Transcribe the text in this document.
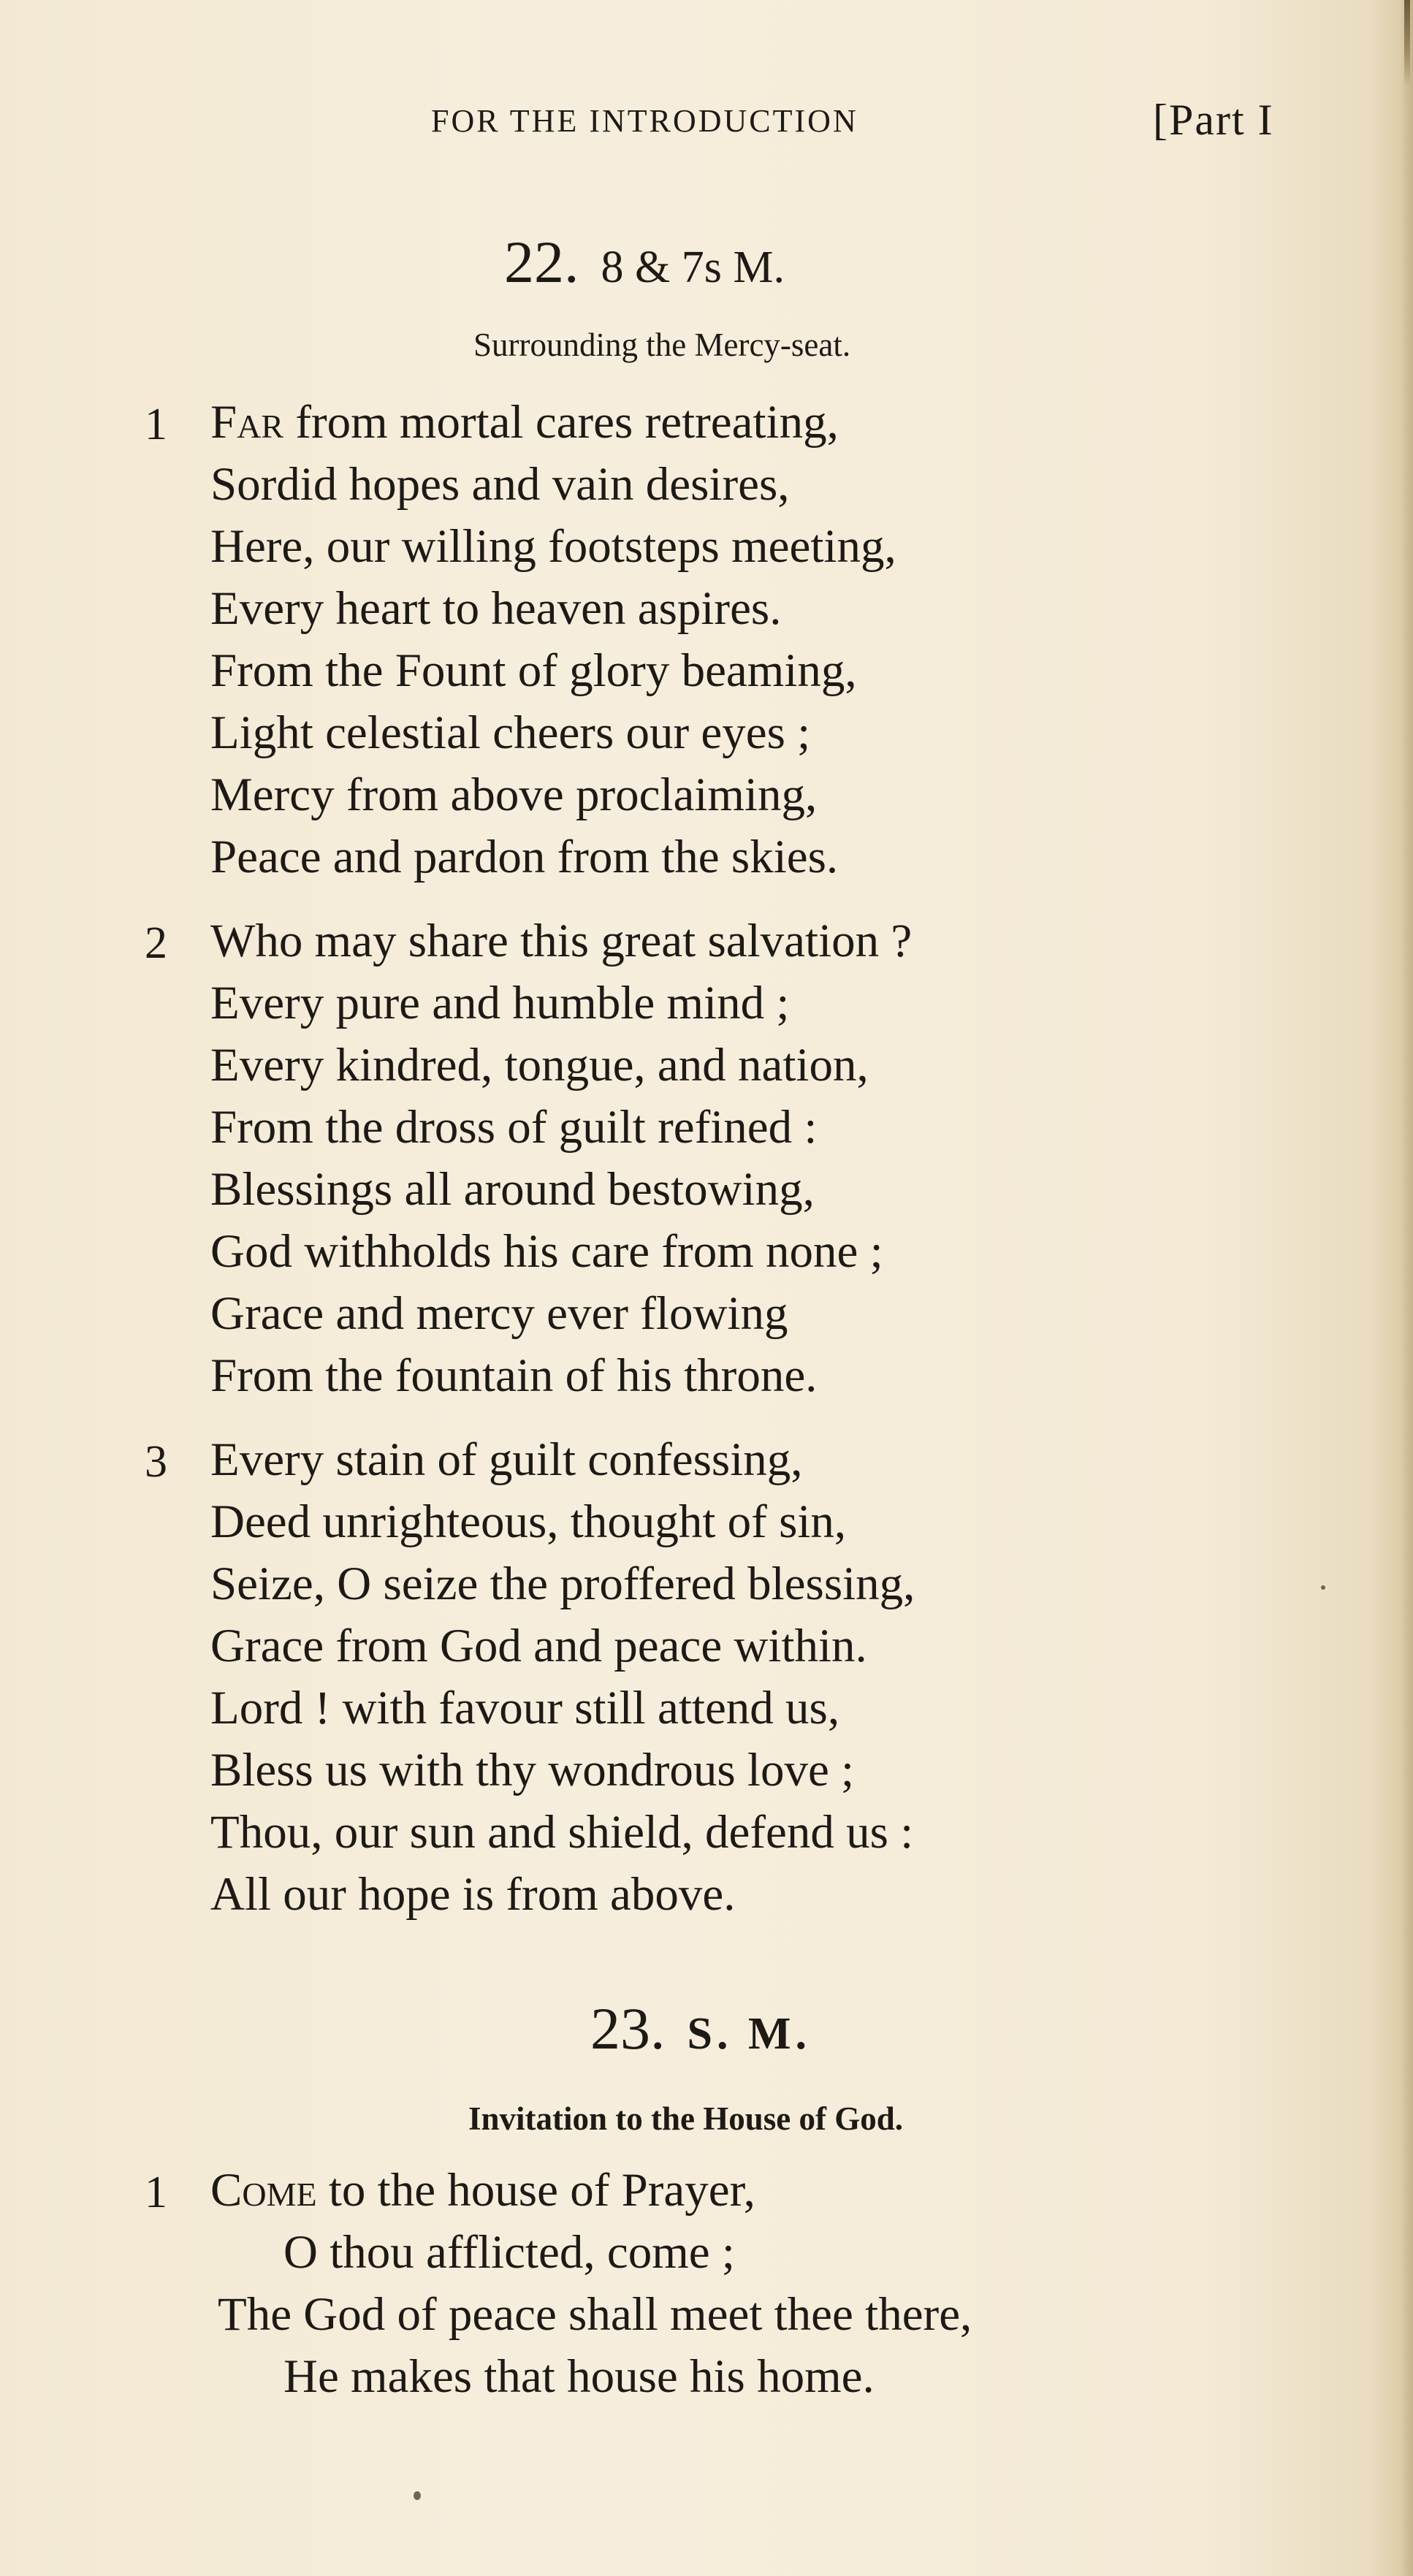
FOR THE INTRODUCTION	[Part I
22. 8 & 7s M.
Surrounding the Mercy-seat.
1 Far from mortal cares retreating,
Sordid hopes and vain desires,
Here, our willing footsteps meeting,
Every heart to heaven aspires.
From the Fount of glory beaming,
Light celestial cheers our eyes ;
Mercy from above proclaiming,
Peace and pardon from the skies.
2 Who may share this great salvation ?
Every pure and humble mind ;
Every kindred, tongue, and nation,
From the dross of guilt refined :
Blessings all around bestowing,
God withholds his care from none ;
Grace and mercy ever flowing
From the fountain of his throne.
3 Every stain of guilt confessing,
Deed unrighteous, thought of sin,
Seize, O seize the proffered blessing,
Grace from God and peace within.
Lord ! with favour still attend us,
Bless us with thy wondrous love ;
Thou, our sun and shield, defend us :
All our hope is from above.
23. S. M.
Invitation to the House of God.
1 Come to the house of Prayer,
O thou afflicted, come ;
The God of peace shall meet thee there,
He makes that house his home.
